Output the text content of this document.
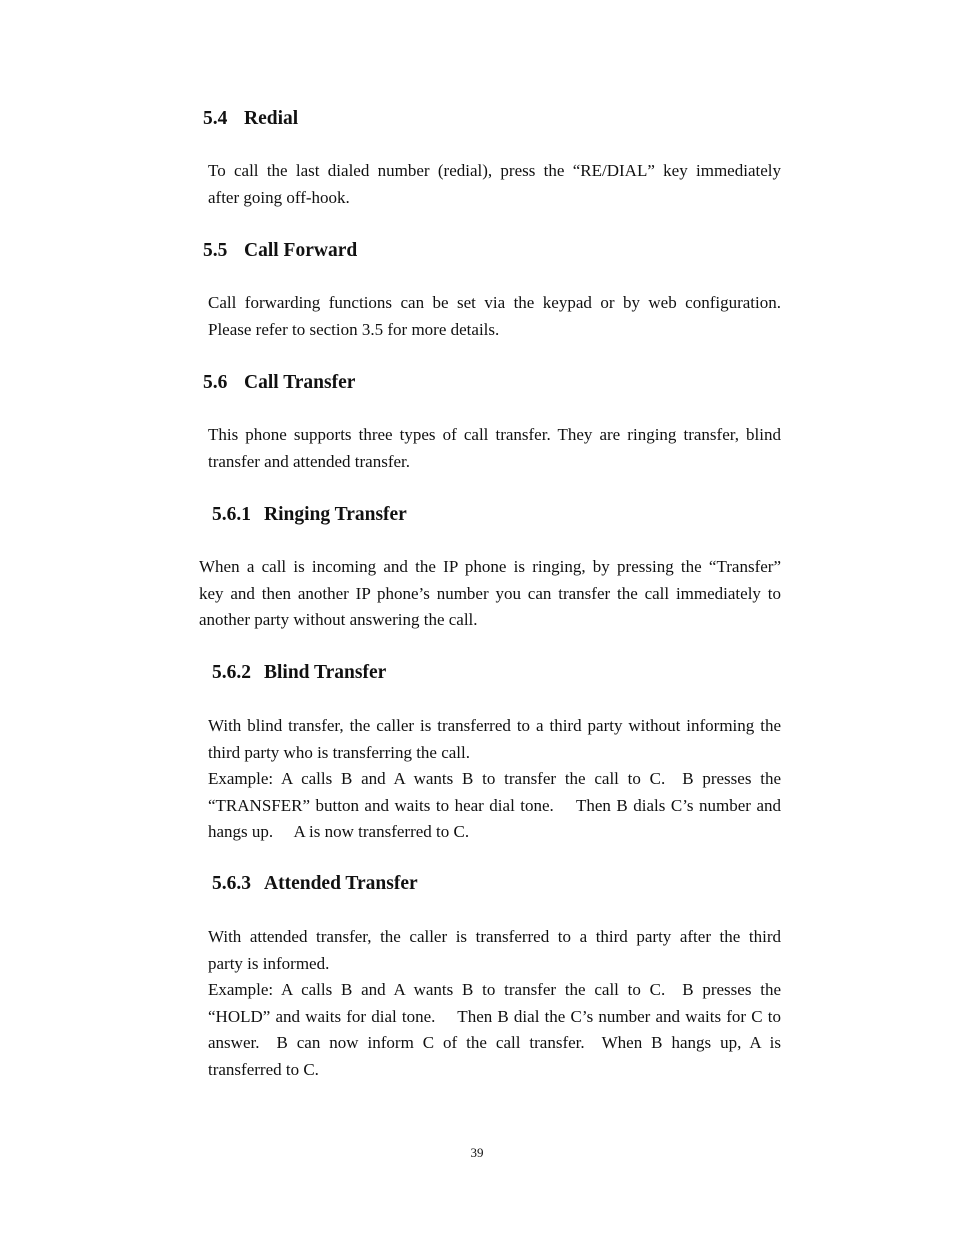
5.4 Redial
To call the last dialed number (redial), press the “RE/DIAL” key immediately
after going off-hook.
5.5 Call Forward
Call forwarding functions can be set via the keypad or by web configuration.
Please refer to section 3.5 for more details.
5.6 Call Transfer
This phone supports three types of call transfer. They are ringing transfer, blind
transfer and attended transfer.
5.6.1 Ringing Transfer
When a call is incoming and the IP phone is ringing, by pressing the “Transfer”
key and then another IP phone’s number you can transfer the call immediately to
another party without answering the call.
5.6.2 Blind Transfer
With blind transfer, the caller is transferred to a third party without informing the
third party who is transferring the call.
Example: A calls B and A wants B to transfer the call to C. B presses the
“TRANSFER” button and waits to hear dial tone.  Then B dials C’s number and
hangs up.  A is now transferred to C.
5.6.3 Attended Transfer
With attended transfer, the caller is transferred to a third party after the third
party is informed.
Example: A calls B and A wants B to transfer the call to C. B presses the
“HOLD” and waits for dial tone.  Then B dial the C’s number and waits for C to
answer. B can now inform C of the call transfer. When B hangs up, A is
transferred to C.
39
